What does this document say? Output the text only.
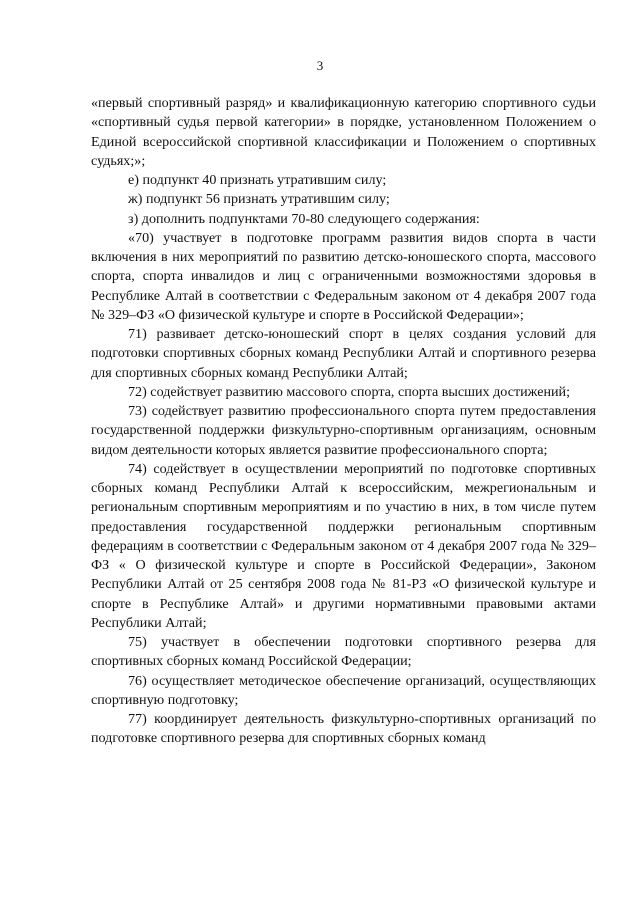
3

«первый спортивный разряд» и квалификационную категорию спортивного судьи «спортивный судья первой категории» в порядке, установленном Положением о Единой всероссийской спортивной классификации и Положением о спортивных судьях;»;

е) подпункт 40 признать утратившим силу;

ж) подпункт 56 признать утратившим силу;

з) дополнить подпунктами 70-80 следующего содержания:

«70) участвует в подготовке программ развития видов спорта в части включения в них мероприятий по развитию детско-юношеского спорта, массового спорта, спорта инвалидов и лиц с ограниченными возможностями здоровья в Республике Алтай в соответствии с Федеральным законом от 4 декабря 2007 года № 329–ФЗ «О физической культуре и спорте в Российской Федерации»;

71) развивает детско-юношеский спорт в целях создания условий для подготовки спортивных сборных команд Республики Алтай и спортивного резерва для спортивных сборных команд Республики Алтай;

72) содействует развитию массового спорта, спорта высших достижений;

73) содействует развитию профессионального спорта путем предоставления государственной поддержки физкультурно-спортивным организациям, основным видом деятельности которых является развитие профессионального спорта;

74) содействует в осуществлении мероприятий по подготовке спортивных сборных команд Республики Алтай к всероссийским, межрегиональным и региональным спортивным мероприятиям и по участию в них, в том числе путем предоставления государственной поддержки региональным спортивным федерациям в соответствии с Федеральным законом от 4 декабря 2007 года № 329–ФЗ « О физической культуре и спорте в Российской Федерации», Законом Республики Алтай от 25 сентября 2008 года № 81-РЗ «О физической культуре и спорте в Республике Алтай» и другими нормативными правовыми актами Республики Алтай;

75) участвует в обеспечении подготовки спортивного резерва для спортивных сборных команд Российской Федерации;

76) осуществляет методическое обеспечение организаций, осуществляющих спортивную подготовку;

77) координирует деятельность физкультурно-спортивных организаций по подготовке спортивного резерва для спортивных сборных команд
